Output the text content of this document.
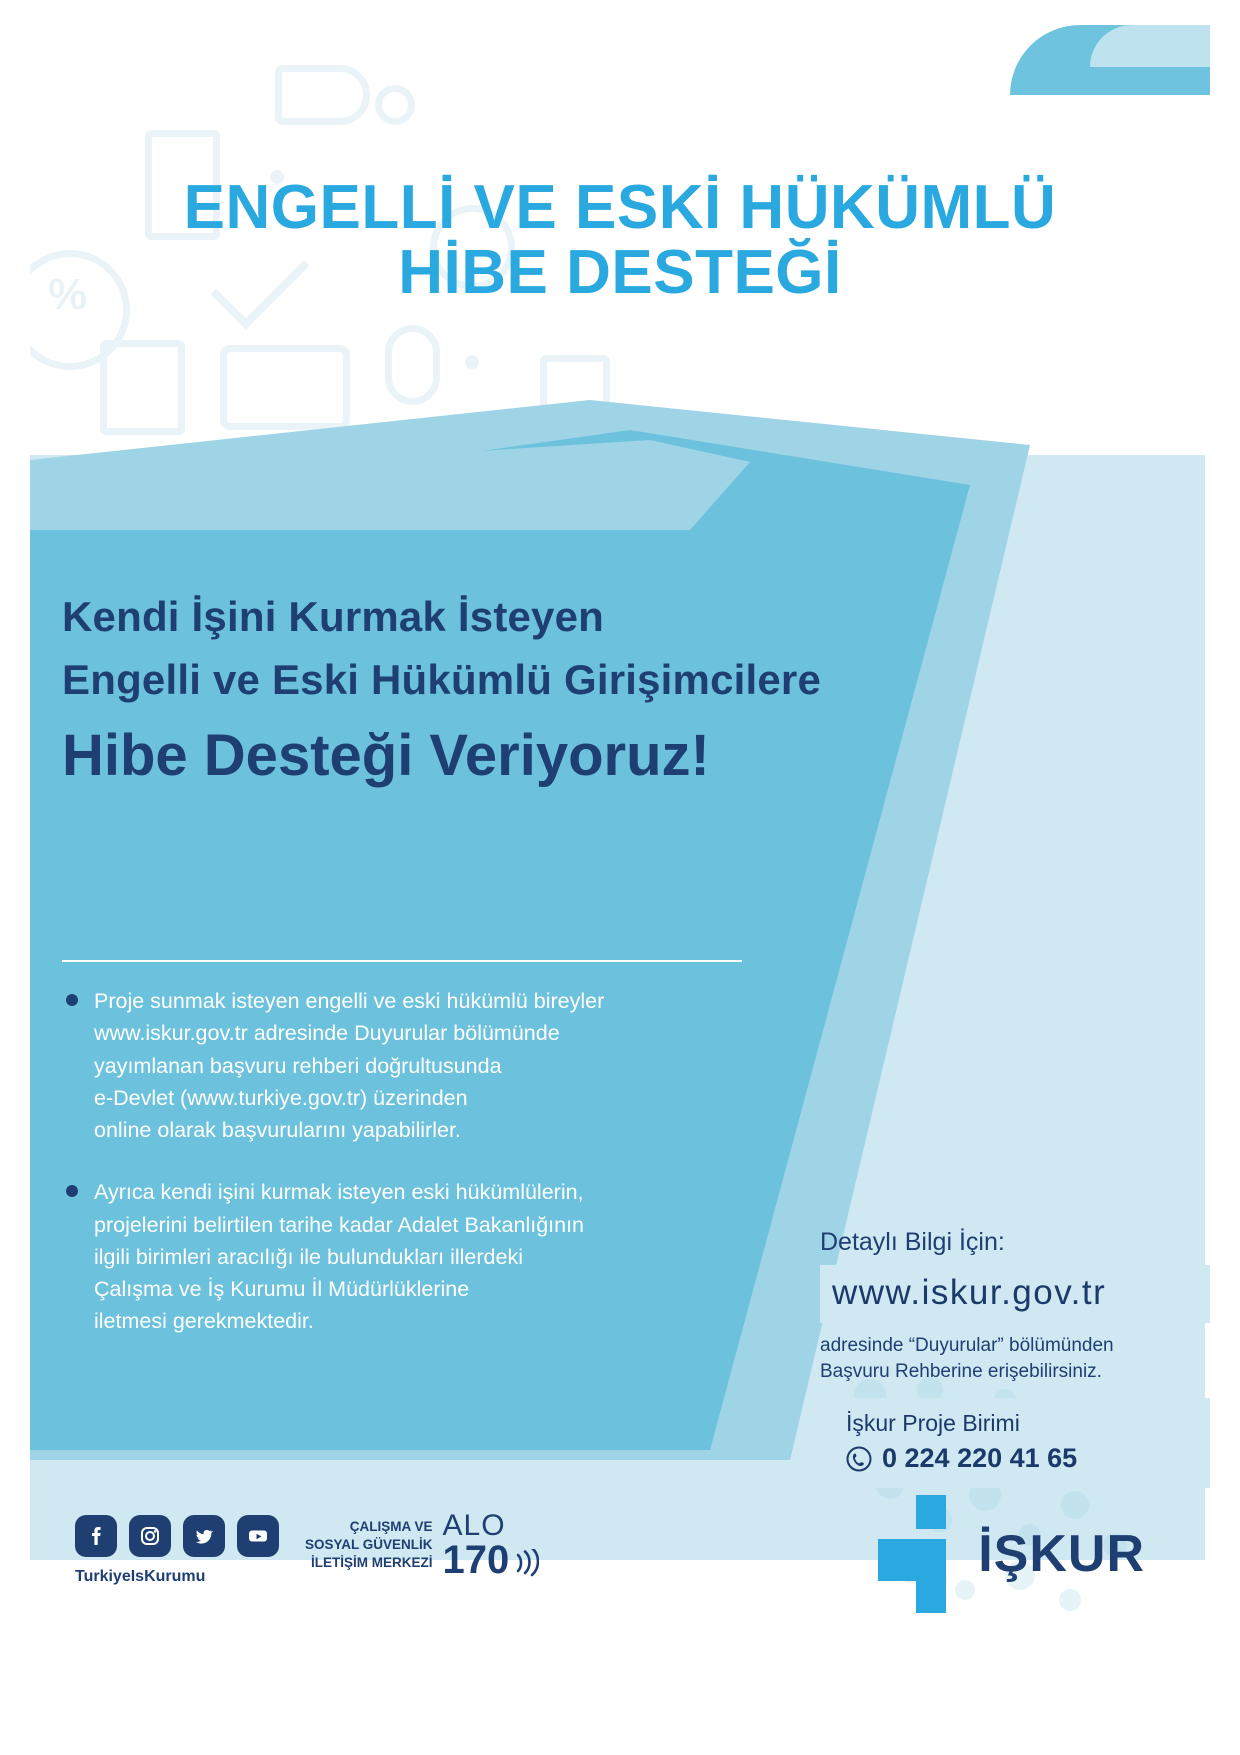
%
ENGELLİ VE ESKİ HÜKÜMLÜ
HİBE DESTEĞİ
Kendi İşini Kurmak İsteyen
Engelli ve Eski Hükümlü Girişimcilere
Hibe Desteği Veriyoruz!
Proje sunmak isteyen engelli ve eski hükümlü bireyler
www.iskur.gov.tr adresinde Duyurular bölümünde
yayımlanan başvuru rehberi doğrultusunda
e-Devlet (www.turkiye.gov.tr) üzerinden
online olarak başvurularını yapabilirler.
Ayrıca kendi işini kurmak isteyen eski hükümlülerin,
projelerini belirtilen tarihe kadar Adalet Bakanlığının
ilgili birimleri aracılığı ile bulundukları illerdeki
Çalışma ve İş Kurumu İl Müdürlüklerine
iletmesi gerekmektedir.
Detaylı Bilgi İçin:
www.iskur.gov.tr
adresinde “Duyurular” bölümünden
Başvuru Rehberine erişebilirsiniz.
İşkur Proje Birimi
0 224 220 41 65
TurkiyeIsKurumu
ÇALIŞMA VE
SOSYAL GÜVENLİK
İLETİŞİM MERKEZİ
ALO
170	İŞKUR
